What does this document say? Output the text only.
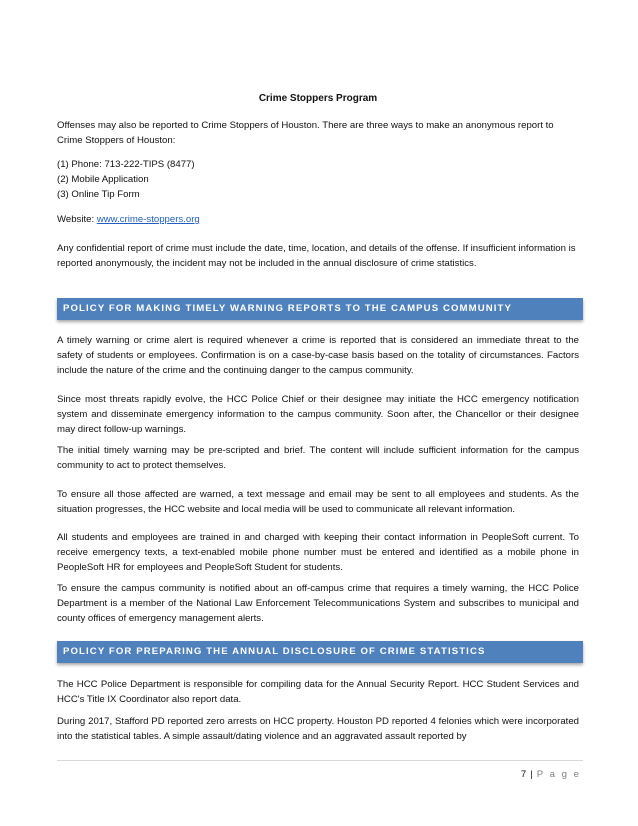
Crime Stoppers Program

Offenses may also be reported to Crime Stoppers of Houston. There are three ways to make an anonymous report to Crime Stoppers of Houston:

(1) Phone: 713-222-TIPS (8477)

(2) Mobile Application

(3) Online Tip Form

Website: www.crime-stoppers.org

Any confidential report of crime must include the date, time, location, and details of the offense. If insufficient information is reported anonymously, the incident may not be included in the annual disclosure of crime statistics.

POLICY FOR MAKING TIMELY WARNING REPORTS TO THE CAMPUS COMMUNITY

A timely warning or crime alert is required whenever a crime is reported that is considered an immediate threat to the safety of students or employees. Confirmation is on a case-by-case basis based on the totality of circumstances. Factors include the nature of the crime and the continuing danger to the campus community.

Since most threats rapidly evolve, the HCC Police Chief or their designee may initiate the HCC emergency notification system and disseminate emergency information to the campus community. Soon after, the Chancellor or their designee may direct follow-up warnings.

The initial timely warning may be pre-scripted and brief. The content will include sufficient information for the campus community to act to protect themselves.

To ensure all those affected are warned, a text message and email may be sent to all employees and students. As the situation progresses, the HCC website and local media will be used to communicate all relevant information.

All students and employees are trained in and charged with keeping their contact information in PeopleSoft current. To receive emergency texts, a text-enabled mobile phone number must be entered and identified as a mobile phone in PeopleSoft HR for employees and PeopleSoft Student for students.

To ensure the campus community is notified about an off-campus crime that requires a timely warning, the HCC Police Department is a member of the National Law Enforcement Telecommunications System and subscribes to municipal and county offices of emergency management alerts.

POLICY FOR PREPARING THE ANNUAL DISCLOSURE OF CRIME STATISTICS

The HCC Police Department is responsible for compiling data for the Annual Security Report. HCC Student Services and HCC's Title IX Coordinator also report data.

During 2017, Stafford PD reported zero arrests on HCC property. Houston PD reported 4 felonies which were incorporated into the statistical tables. A simple assault/dating violence and an aggravated assault reported by

7 | P a g e
